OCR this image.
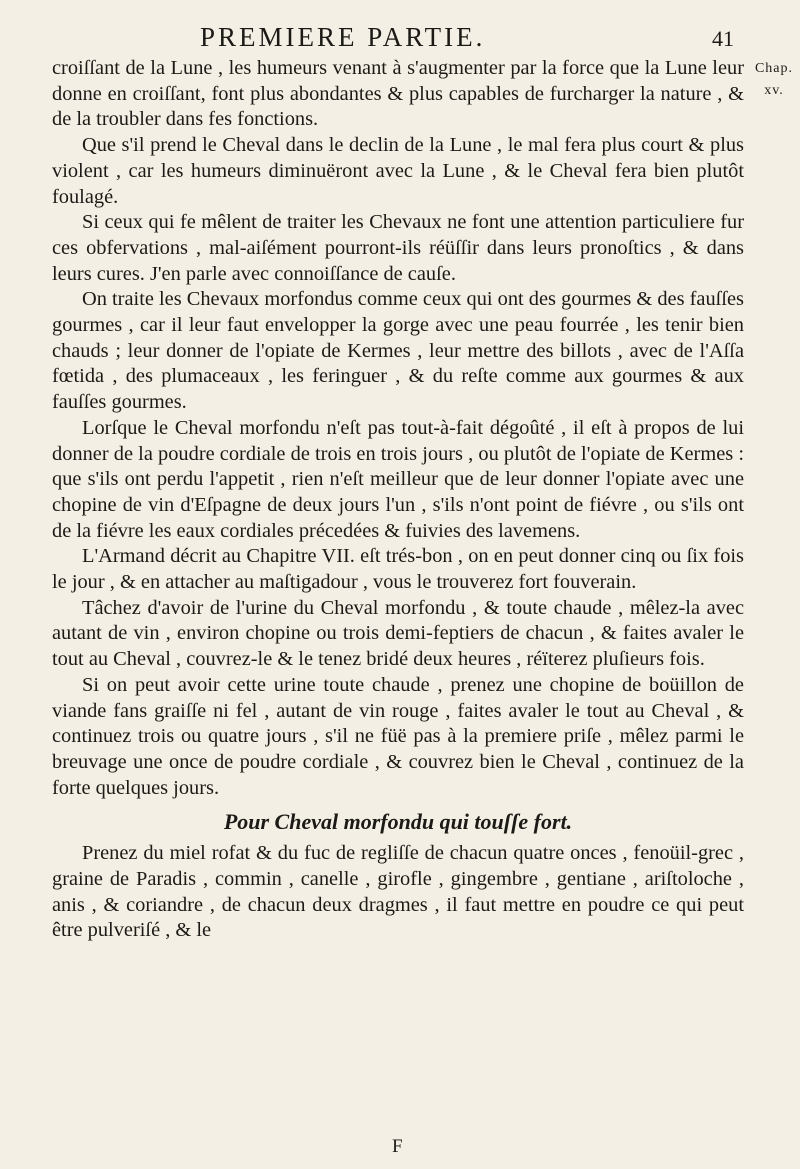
PREMIERE PARTIE.	41
Chap.
xv.

croiſſant de la Lune , les humeurs venant à s'augmenter par la force que la Lune leur donne en croiſſant, font plus abondantes & plus capables de furcharger la nature , & de la troubler dans fes fonctions.

Que s'il prend le Cheval dans le declin de la Lune , le mal fera plus court & plus violent , car les humeurs diminuëront avec la Lune , & le Cheval fera bien plutôt foulagé.

Si ceux qui fe mêlent de traiter les Chevaux ne font une attention particuliere fur ces obfervations , mal-aiſément pourront-ils réüſſir dans leurs pronoſtics , & dans leurs cures. J'en parle avec connoiſſance de cauſe.

On traite les Chevaux morfondus comme ceux qui ont des gourmes & des fauſſes gourmes , car il leur faut envelopper la gorge avec une peau fourrée , les tenir bien chauds ; leur donner de l'opiate de Kermes , leur mettre des billots , avec de l'Aſſa fœtida , des plumaceaux , les feringuer , & du reſte comme aux gourmes & aux fauſſes gourmes.

Lorſque le Cheval morfondu n'eſt pas tout-à-fait dégoûté , il eſt à propos de lui donner de la poudre cordiale de trois en trois jours , ou plutôt de l'opiate de Kermes : que s'ils ont perdu l'appetit , rien n'eſt meilleur que de leur donner l'opiate avec une chopine de vin d'Eſpagne de deux jours l'un , s'ils n'ont point de fiévre , ou s'ils ont de la fiévre les eaux cordiales précedées & fuivies des lavemens.

L'Armand décrit au Chapitre VII. eſt trés-bon , on en peut donner cinq ou ſix fois le jour , & en attacher au maſtigadour , vous le trouverez fort fouverain.

Tâchez d'avoir de l'urine du Cheval morfondu , & toute chaude , mêlez-la avec autant de vin , environ chopine ou trois demi-feptiers de chacun , & faites avaler le tout au Cheval , couvrez-le & le tenez bridé deux heures , réïterez pluſieurs fois.

Si on peut avoir cette urine toute chaude , prenez une chopine de boüillon de viande fans graiſſe ni fel , autant de vin rouge , faites avaler le tout au Cheval , & continuez trois ou quatre jours , s'il ne füë pas à la premiere priſe , mêlez parmi le breuvage une once de poudre cordiale , & couvrez bien le Cheval , continuez de la forte quelques jours.

Pour Cheval morfondu qui touſſe fort.

Prenez du miel rofat & du fuc de regliſſe de chacun quatre onces , fenoüil-grec , graine de Paradis , commin , canelle , girofle , gingembre , gentiane , ariſtoloche , anis , & coriandre , de chacun deux dragmes , il faut mettre en poudre ce qui peut être pulveriſé , & le

F
